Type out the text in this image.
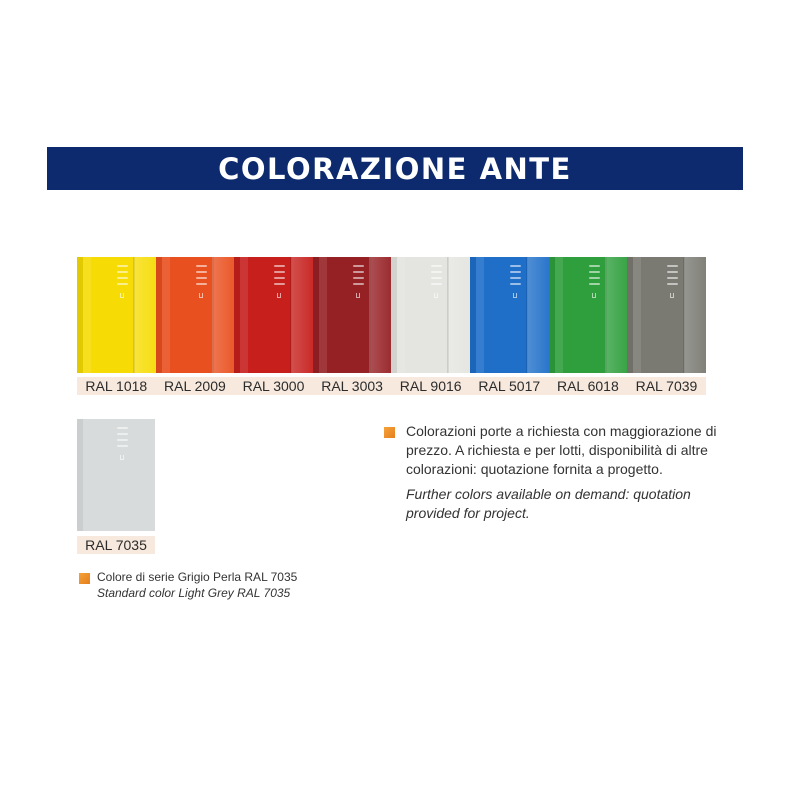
COLORAZIONE ANTE
RAL 1018	RAL 2009	RAL 3000	RAL 3003	RAL 9016	RAL 5017	RAL 6018	RAL 7039
RAL 7035
Colorazioni porte a richiesta con maggiorazione di prezzo. A richiesta e per lotti, disponibilità di altre colorazioni: quotazione fornita a progetto.
Further colors available on demand: quotation provided for project.
Colore di serie Grigio Perla RAL 7035
Standard color Light Grey RAL 7035
